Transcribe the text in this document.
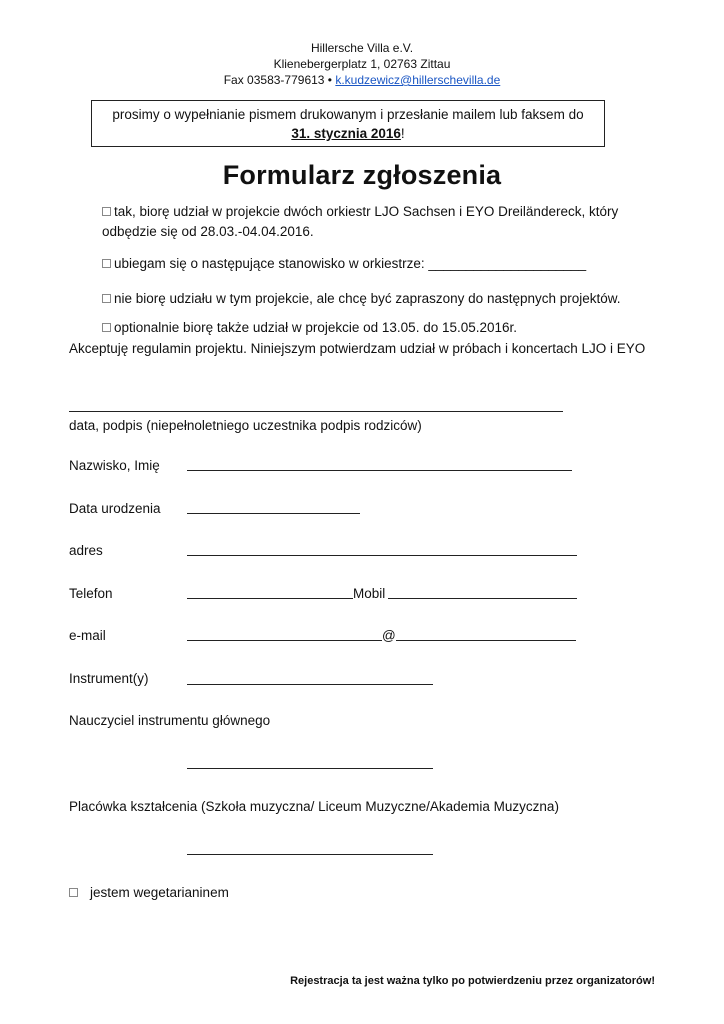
Hillersche Villa e.V.
Klienebergerplatz 1, 02763 Zittau
Fax 03583-779613 • k.kudzewicz@hillerschevilla.de
prosimy o wypełnianie pismem drukowanym i przesłanie mailem lub faksem do
31. stycznia 2016!
Formularz zgłoszenia
tak, biorę udział w projekcie dwóch orkiestr LJO Sachsen i EYO Dreiländereck, który
odbędzie się od 28.03.-04.04.2016.
ubiegam się o następujące stanowisko w orkiestrze: _____________________
nie biorę udziału w tym projekcie, ale chcę być zapraszony do następnych projektów.
optionalnie biorę także udział w projekcie od 13.05. do 15.05.2016r.
Akceptuję regulamin projektu. Niniejszym potwierdzam udział w próbach i koncertach LJO i EYO
data, podpis (niepełnoletniego uczestnika podpis rodziców)
Nazwisko, Imię
Data urodzenia
adres
Telefon	Mobil
e-mail	@
Instrument(y)
Nauczyciel instrumentu głównego
Placówka kształcenia (Szkoła muzyczna/ Liceum Muzyczne/Akademia Muzyczna)
jestem wegetarianinem
Rejestracja ta jest ważna tylko po potwierdzeniu przez organizatorów!
